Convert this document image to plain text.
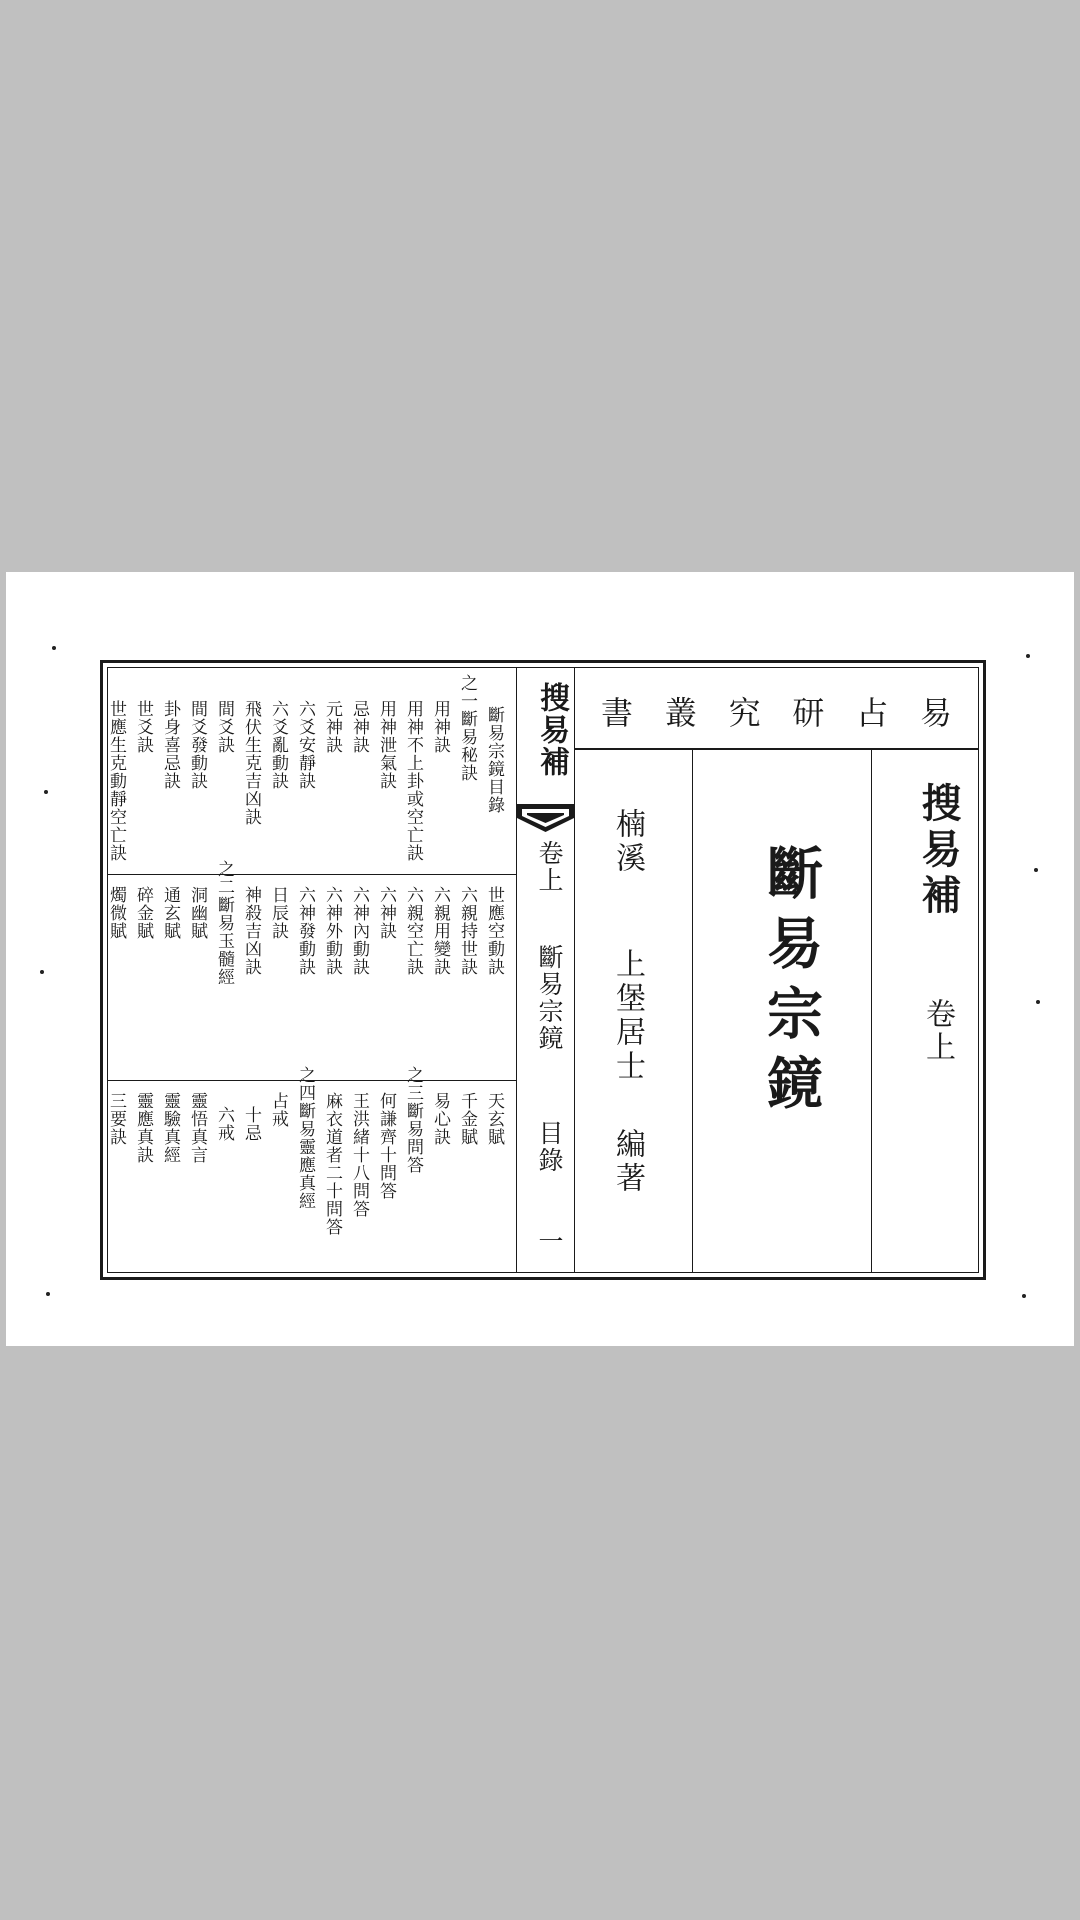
斷易宗鏡目錄
之一斷易秘訣
用神訣
用神不上卦或空亡訣
用神泄氣訣
忌神訣
元神訣
六爻安靜訣
六爻亂動訣
飛伏生克吉凶訣
間爻訣
間爻發動訣
卦身喜忌訣
世爻訣
世應生克動靜空亡訣
世應空動訣
六親持世訣
六親用變訣
六親空亡訣
六神訣
六神內動訣
六神外動訣
六神發動訣
日辰訣
神殺吉凶訣
之二斷易玉髓經
洞幽賦
通玄賦
碎金賦
燭微賦
天玄賦
千金賦
易心訣
之三斷易問答
何謙齊十問答
王洪緒十八問答
麻衣道者二十問答
之四斷易靈應真經
占戒
十忌
六戒
靈悟真言
靈驗真經
靈應真訣
三要訣
搜易補
卷上
斷易宗鏡
目錄
一
易
占
研
究
叢
書
楠溪
上堡居士
編著
斷易宗鏡 搜易補
卷上
